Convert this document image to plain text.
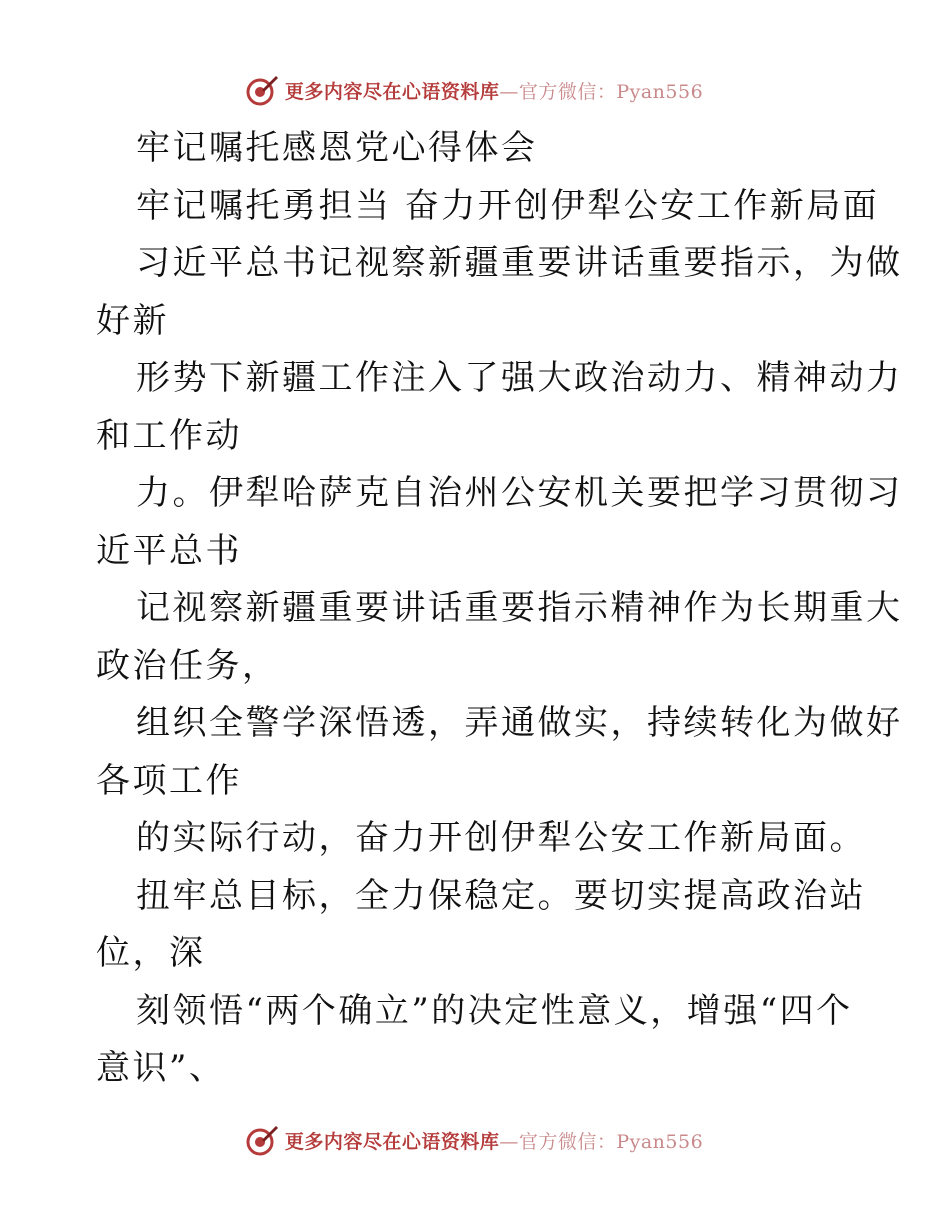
更多内容尽在心语资料库—官方微信：Pyan556
牢记嘱托感恩党心得体会
牢记嘱托勇担当 奋力开创伊犁公安工作新局面
习近平总书记视察新疆重要讲话重要指示，为做
好新
形势下新疆工作注入了强大政治动力、精神动力
和工作动
力。伊犁哈萨克自治州公安机关要把学习贯彻习
近平总书
记视察新疆重要讲话重要指示精神作为长期重大
政治任务，
组织全警学深悟透，弄通做实，持续转化为做好
各项工作
的实际行动，奋力开创伊犁公安工作新局面。
扭牢总目标，全力保稳定。要切实提高政治站
位，深
刻领悟“两个确立”的决定性意义，增强“四个
意识”、
更多内容尽在心语资料库—官方微信：Pyan556
